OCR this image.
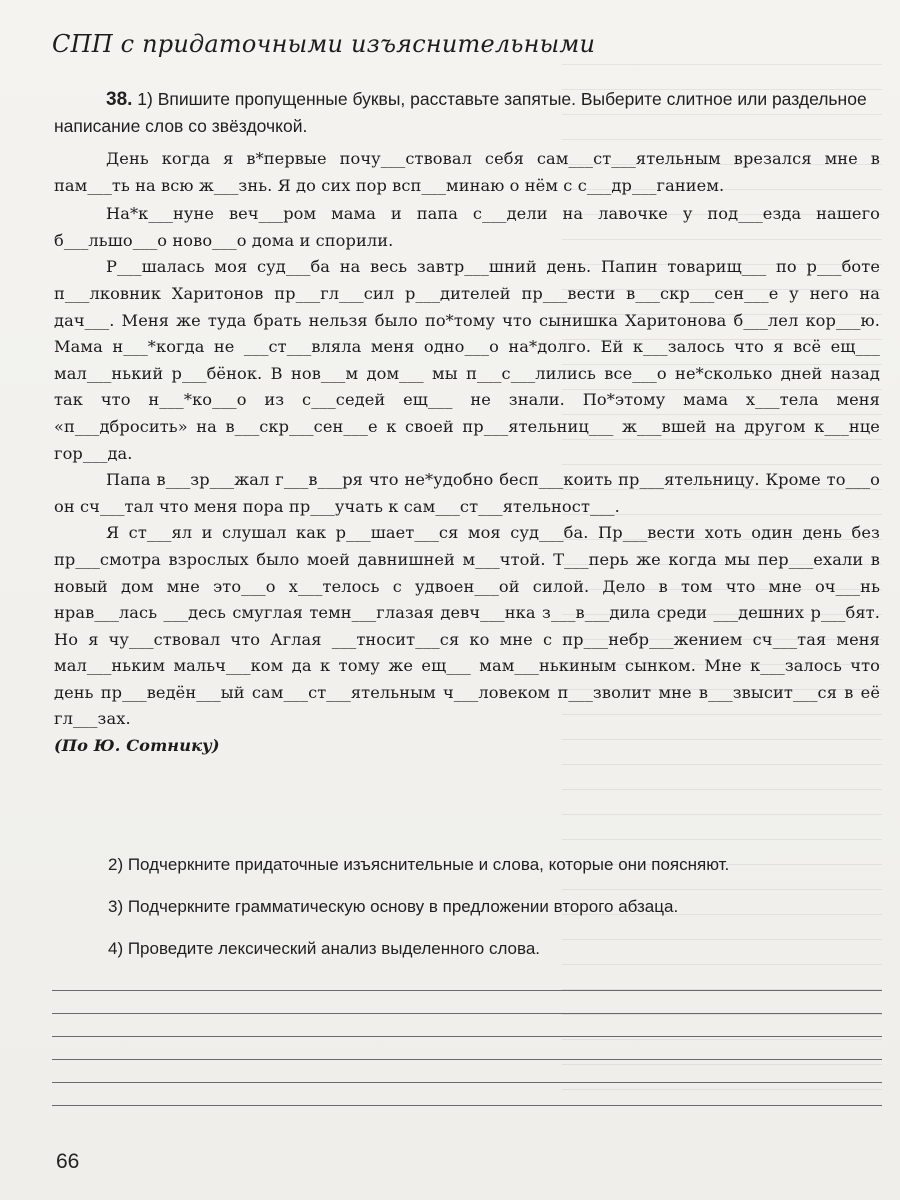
СПП с придаточными изъяснительными

38. 1) Впишите пропущенные буквы, расставьте запятые. Выберите слитное или раздельное написание слов со звёздочкой.

День когда я в*первые почу___ствовал себя сам___ст___ятельным врезался мне в пам___ть на всю ж___знь. Я до сих пор всп___минаю о нём с с___др___ганием.

На*к___нуне веч___ром мама и папа с___дели на лавочке у под___езда нашего б___льшо___о ново___о дома и спорили.

Р___шалась моя суд___ба на весь завтр___шний день. Папин товарищ___ по р___боте п___лковник Харитонов пр___гл___сил р___дителей пр___вести в___скр___сен___е у него на дач___. Меня же туда брать нельзя было по*тому что сынишка Харитонова б___лел кор___ю. Мама н___*когда не ___ст___вляла меня одно___о на*долго. Ей к___залось что я всё ещ___ мал___нький р___бёнок. В нов___м дом___ мы п___с___лились все___о не*сколько дней назад так что н___*ко___о из с___седей ещ___ не знали. По*этому мама х___тела меня «п___дбросить» на в___скр___сен___е к своей пр___ятельниц___ ж___вшей на другом к___нце гор___да.

Папа в___зр___жал г___в___ря что не*удобно бесп___коить пр___ятельницу. Кроме то___о он сч___тал что меня пора пр___учать к сам___ст___ятельност___.

Я ст___ял и слушал как р___шает___ся моя суд___ба. Пр___вести хоть один день без пр___смотра взрослых было моей давнишней м___чтой. Т___перь же когда мы пер___ехали в новый дом мне это___о х___телось с удвоен___ой силой. Дело в том что мне оч___нь нрав___лась ___десь смуглая темн___глазая девч___нка з___в___дила среди ___дешних р___бят. Но я чу___ствовал что Аглая ___тносит___ся ко мне с пр___небр___жением сч___тая меня мал___ньким мальч___ком да к тому же ещ___ мам___нькиным сынком. Мне к___залось что день пр___ведён___ый сам___ст___ятельным ч___ловеком п___зволит мне в___звысит___ся в её гл___зах.

(По Ю. Сотнику)

2) Подчеркните придаточные изъяснительные и слова, которые они поясняют.

3) Подчеркните грамматическую основу в предложении второго абзаца.

4) Проведите лексический анализ выделенного слова.

66
